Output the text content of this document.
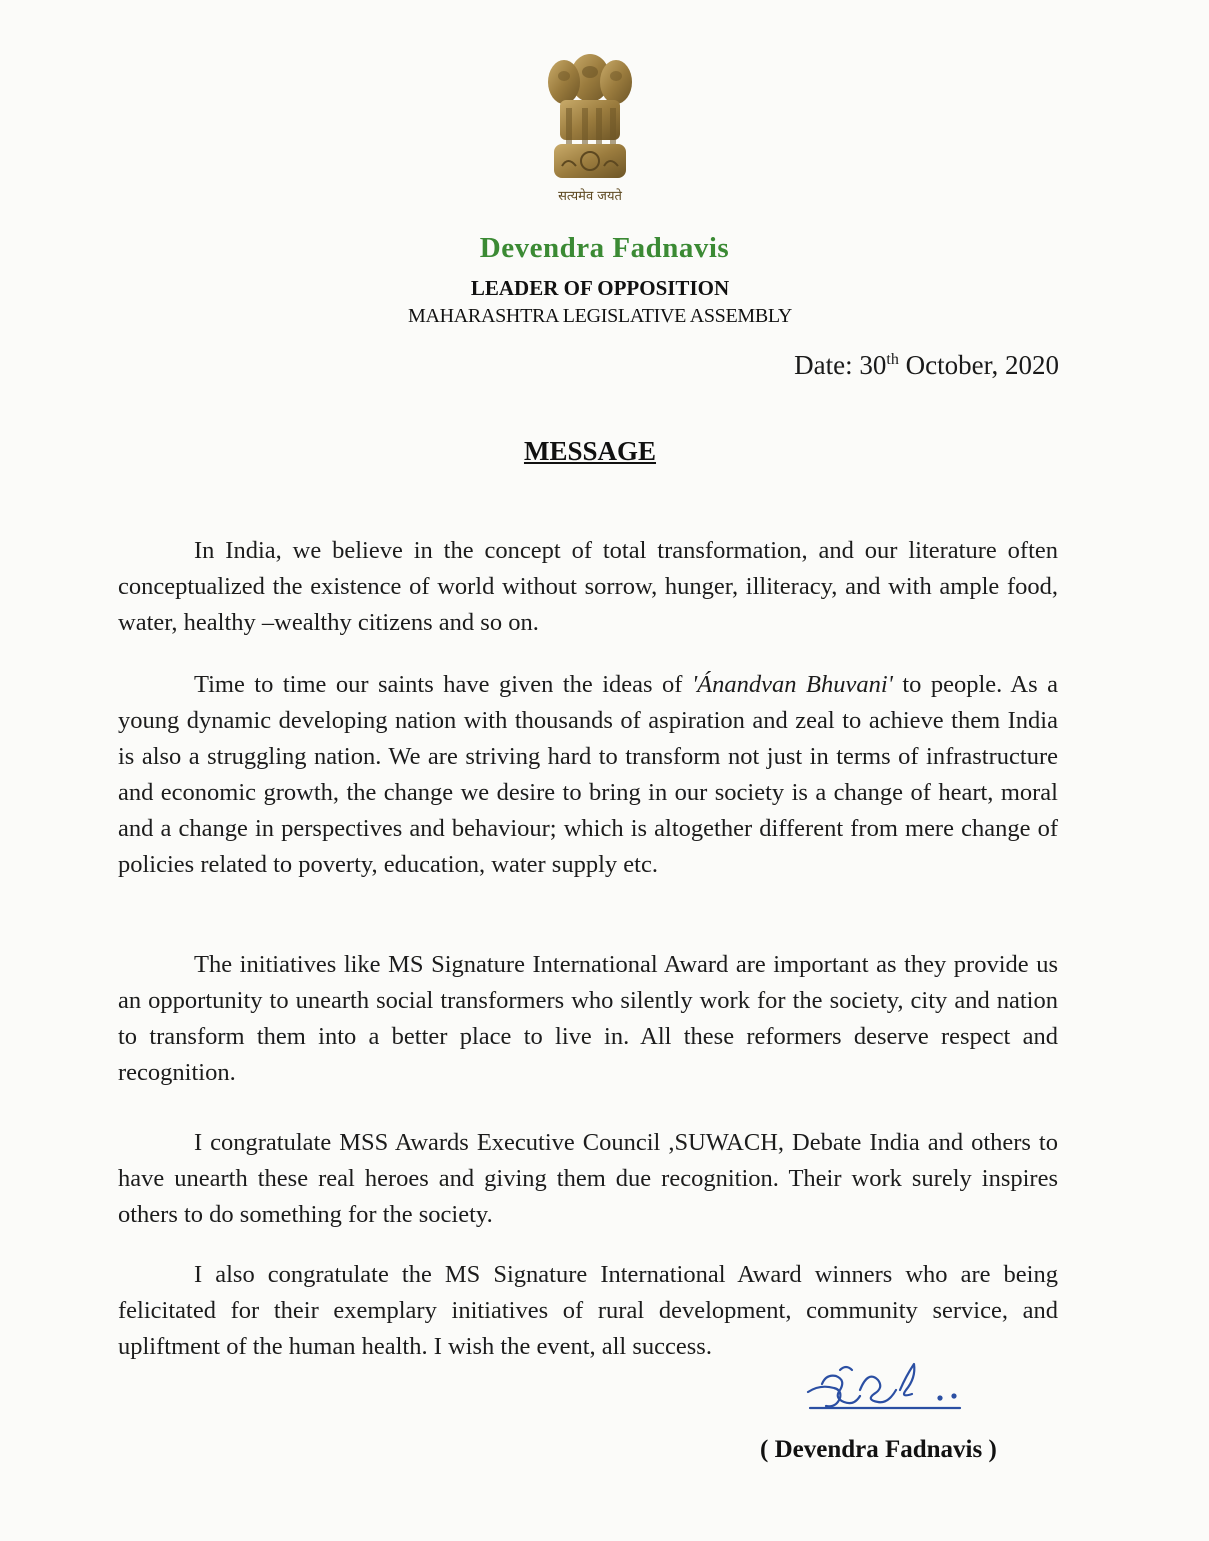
सत्यमेव जयते
Devendra Fadnavis
LEADER OF OPPOSITION
MAHARASHTRA LEGISLATIVE ASSEMBLY
Date: 30th October, 2020
MESSAGE

In India, we believe in the concept of total transformation, and our literature often conceptualized the existence of world without sorrow, hunger, illiteracy, and with ample food, water, healthy –wealthy citizens and so on.

Time to time our saints have given the ideas of 'Ánandvan Bhuvani' to people. As a young dynamic developing nation with thousands of aspiration and zeal to achieve them India is also a struggling nation. We are striving hard to transform not just in terms of infrastructure and economic growth, the change we desire to bring in our society is a change of heart, moral and a change in perspectives and behaviour; which is altogether different from mere change of policies related to poverty, education, water supply etc.

The initiatives like MS Signature International Award are important as they provide us an opportunity to unearth social transformers who silently work for the society, city and nation to transform them into a better place to live in. All these reformers deserve respect and recognition.

I congratulate MSS Awards Executive Council ,SUWACH, Debate India and others to have unearth these real heroes and giving them due recognition. Their work surely inspires others to do something for the society.

I also congratulate the MS Signature International Award winners who are being felicitated for their exemplary initiatives of rural development, community service, and upliftment of the human health. I wish the event, all success.

( Devendra Fadnavis )
